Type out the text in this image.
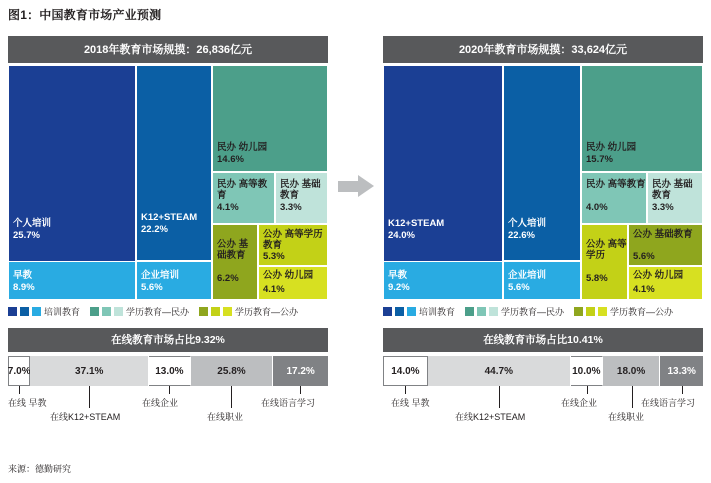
图1：中国教育市场产业预测
2018年教育市场规摸：26,836亿元
个人培训
25.7%
K12+STEAM
22.2%
早教
8.9%
企业培训
5.6%
民办 幼儿园
14.6%
民办 高等教育
4.1%
民办 基础教育
3.3%
公办 基础教育
6.2%
公办 高等学历教育
5.3%
公办 幼儿园
4.1%
培训教育	学历教育—民办	学历教育—公办
在线教育市场占比9.32%
7.0%	37.1%	13.0%	25.8%	17.2%
在线 早教
在线K12+STEAM
在线企业
在线职业
在线语言学习
2020年教育市场规摸：33,624亿元
K12+STEAM
24.0%
个人培训
22.6%
早教
9.2%
企业培训
5.6%
民办 幼儿园
15.7%
民办 高等教育
4.0%
民办 基础教育
3.3%
公办 基础教育
5.6%
公办 高等 学历
5.8%	公办 幼儿园
4.1%
培训教育	学历教育—民办	学历教育—公办
在线教育市场占比10.41%
14.0%	44.7%	10.0% 18.0% 13.3%
在线 早教
在线K12+STEAM
在线企业
在线职业
在线语言学习
来源：德勤研究
